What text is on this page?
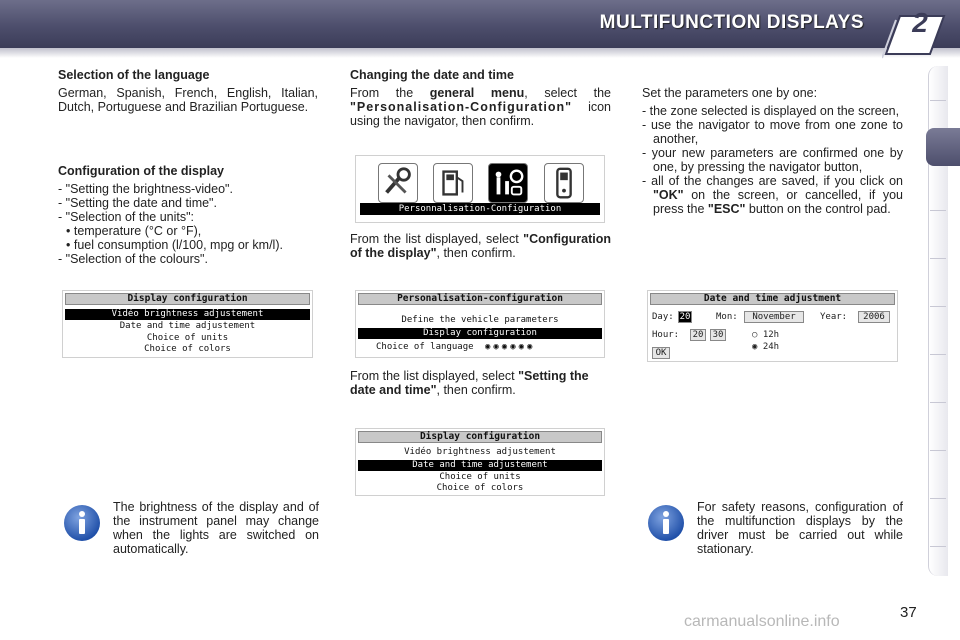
MULTIFUNCTION DISPLAYS 2
Selection of the language
German, Spanish, French, English, Italian, Dutch, Portuguese and Brazilian Portuguese.
Configuration of the display
- "Setting the brightness-video".
- "Setting the date and time".
- "Selection of the units":
• temperature (°C or °F),
• fuel consumption (l/100, mpg or km/l).
- "Selection of the colours".
Display configuration
Vidéo brightness adjustement
Date and time adjustement
Choice of units
Choice of colors
The brightness of the display and of the instrument panel may change when the lights are switched on automatically.
Changing the date and time
From the general menu, select the "Personalisation-Configuration" icon using the navigator, then confirm.
Personnalisation-Configuration
From the list displayed, select "Configuration of the display", then confirm.
Personalisation-configuration
Define the vehicle parameters
Display configuration
Choice of language ◉◉◉◉◉◉
From the list displayed, select "Setting the date and time", then confirm.
Display configuration
Vidéo brightness adjustement
Date and time adjustement
Choice of units
Choice of colors
Set the parameters one by one:
- the zone selected is displayed on the screen,
- use the navigator to move from one zone to another,
- your new parameters are confirmed one by one, by pressing the navigator button,
- all of the changes are saved, if you click on "OK" on the screen, or cancelled, if you press the "ESC" button on the control pad.
Date and time adjustment
Day: 20	Mon:	November	Year:	2006
Hour: 20 30	○ 12h
◉ 24h
OK
For safety reasons, configuration of the multifunction displays by the driver must be carried out while stationary.
carmanualsonline.info
37
